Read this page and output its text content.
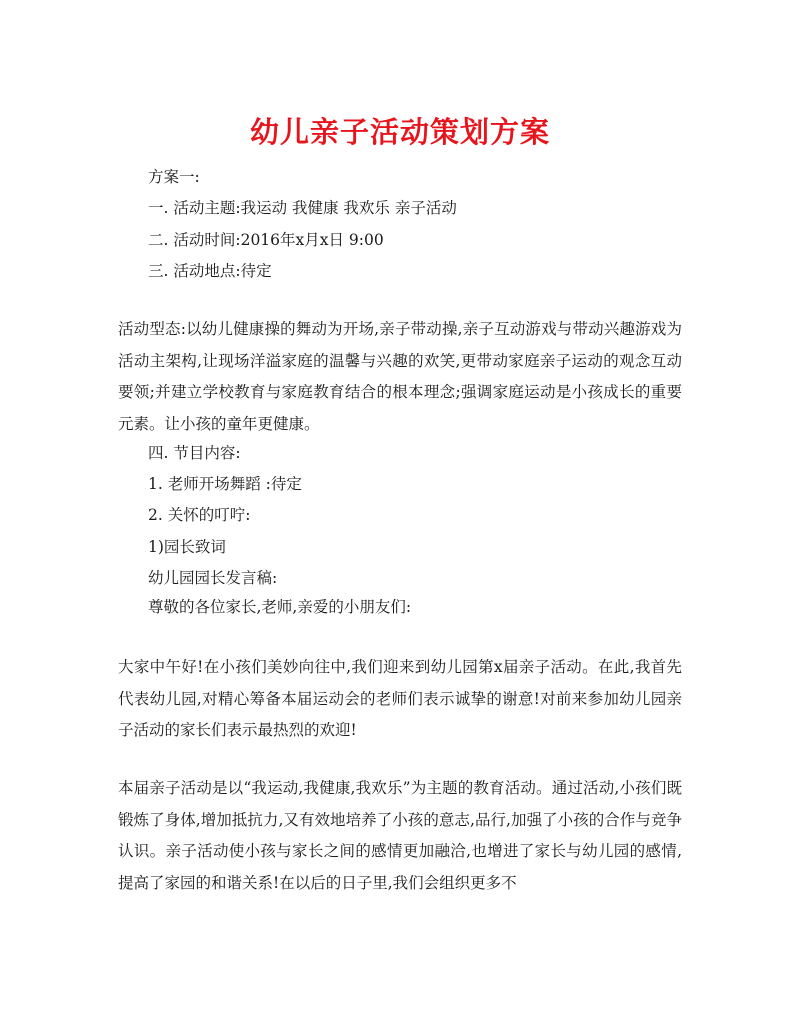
幼儿亲子活动策划方案
方案一:
一. 活动主题:我运动 我健康 我欢乐 亲子活动
二. 活动时间:2016年x月x日 9:00
三. 活动地点:待定
活动型态:以幼儿健康操的舞动为开场,亲子带动操,亲子互动游戏与带动兴趣游戏为活动主架构,让现场洋溢家庭的温馨与兴趣的欢笑,更带动家庭亲子运动的观念互动要领;并建立学校教育与家庭教育结合的根本理念;强调家庭运动是小孩成长的重要元素。让小孩的童年更健康。
四. 节目内容:
1. 老师开场舞蹈 :待定
2. 关怀的叮咛:
1)园长致词
幼儿园园长发言稿:
尊敬的各位家长,老师,亲爱的小朋友们:
大家中午好!在小孩们美妙向往中,我们迎来到幼儿园第x届亲子活动。在此,我首先代表幼儿园,对精心筹备本届运动会的老师们表示诚挚的谢意!对前来参加幼儿园亲子活动的家长们表示最热烈的欢迎!
本届亲子活动是以“我运动,我健康,我欢乐”为主题的教育活动。通过活动,小孩们既锻炼了身体,增加抵抗力,又有效地培养了小孩的意志,品行,加强了小孩的合作与竞争认识。亲子活动使小孩与家长之间的感情更加融洽,也增进了家长与幼儿园的感情,提高了家园的和谐关系!在以后的日子里,我们会组织更多不
